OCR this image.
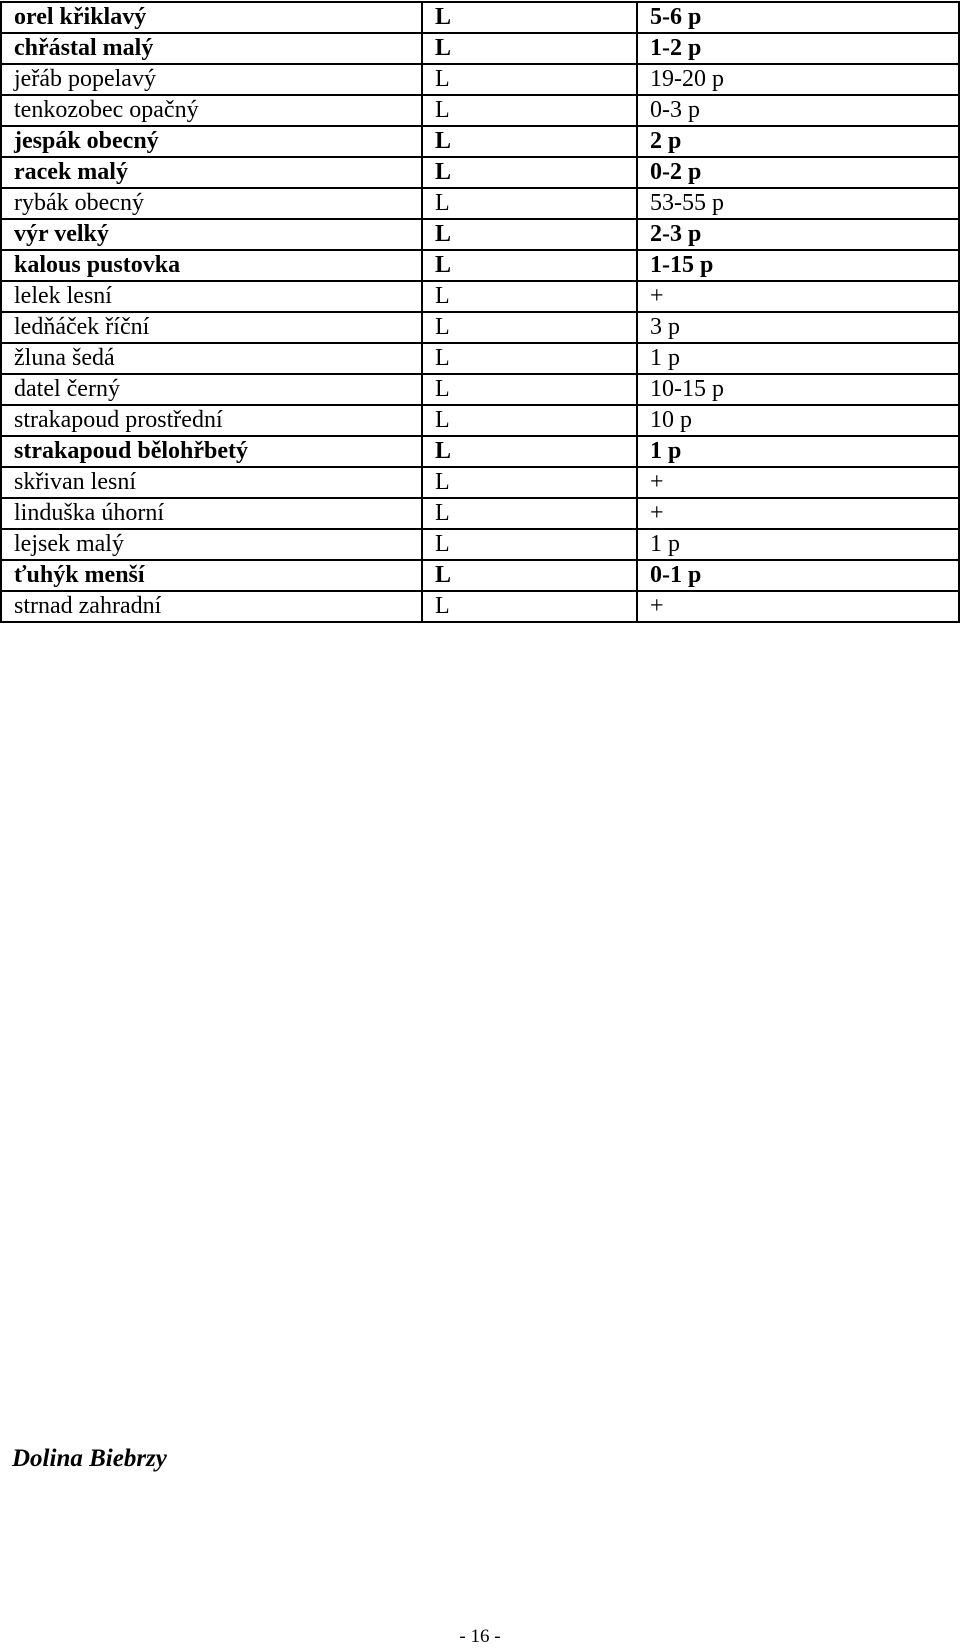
orel křiklavý	L	5-6 p
chřástal malý	L	1-2 p
jeřáb popelavý	L	19-20 p
tenkozobec opačný	L	0-3 p
jespák obecný	L	2 p
racek malý	L	0-2 p
rybák obecný	L	53-55 p
výr velký	L	2-3 p
kalous pustovka	L	1-15 p
lelek lesní	L	+
ledňáček říční	L	3 p
žluna šedá	L	1 p
datel černý	L	10-15 p
strakapoud prostřední	L	10 p
strakapoud bělohřbetý	L	1 p
skřivan lesní	L	+
linduška úhorní	L	+
lejsek malý	L	1 p
ťuhýk menší	L	0-1 p
strnad zahradní	L	+

Dolina Biebrzy

- 16 -
